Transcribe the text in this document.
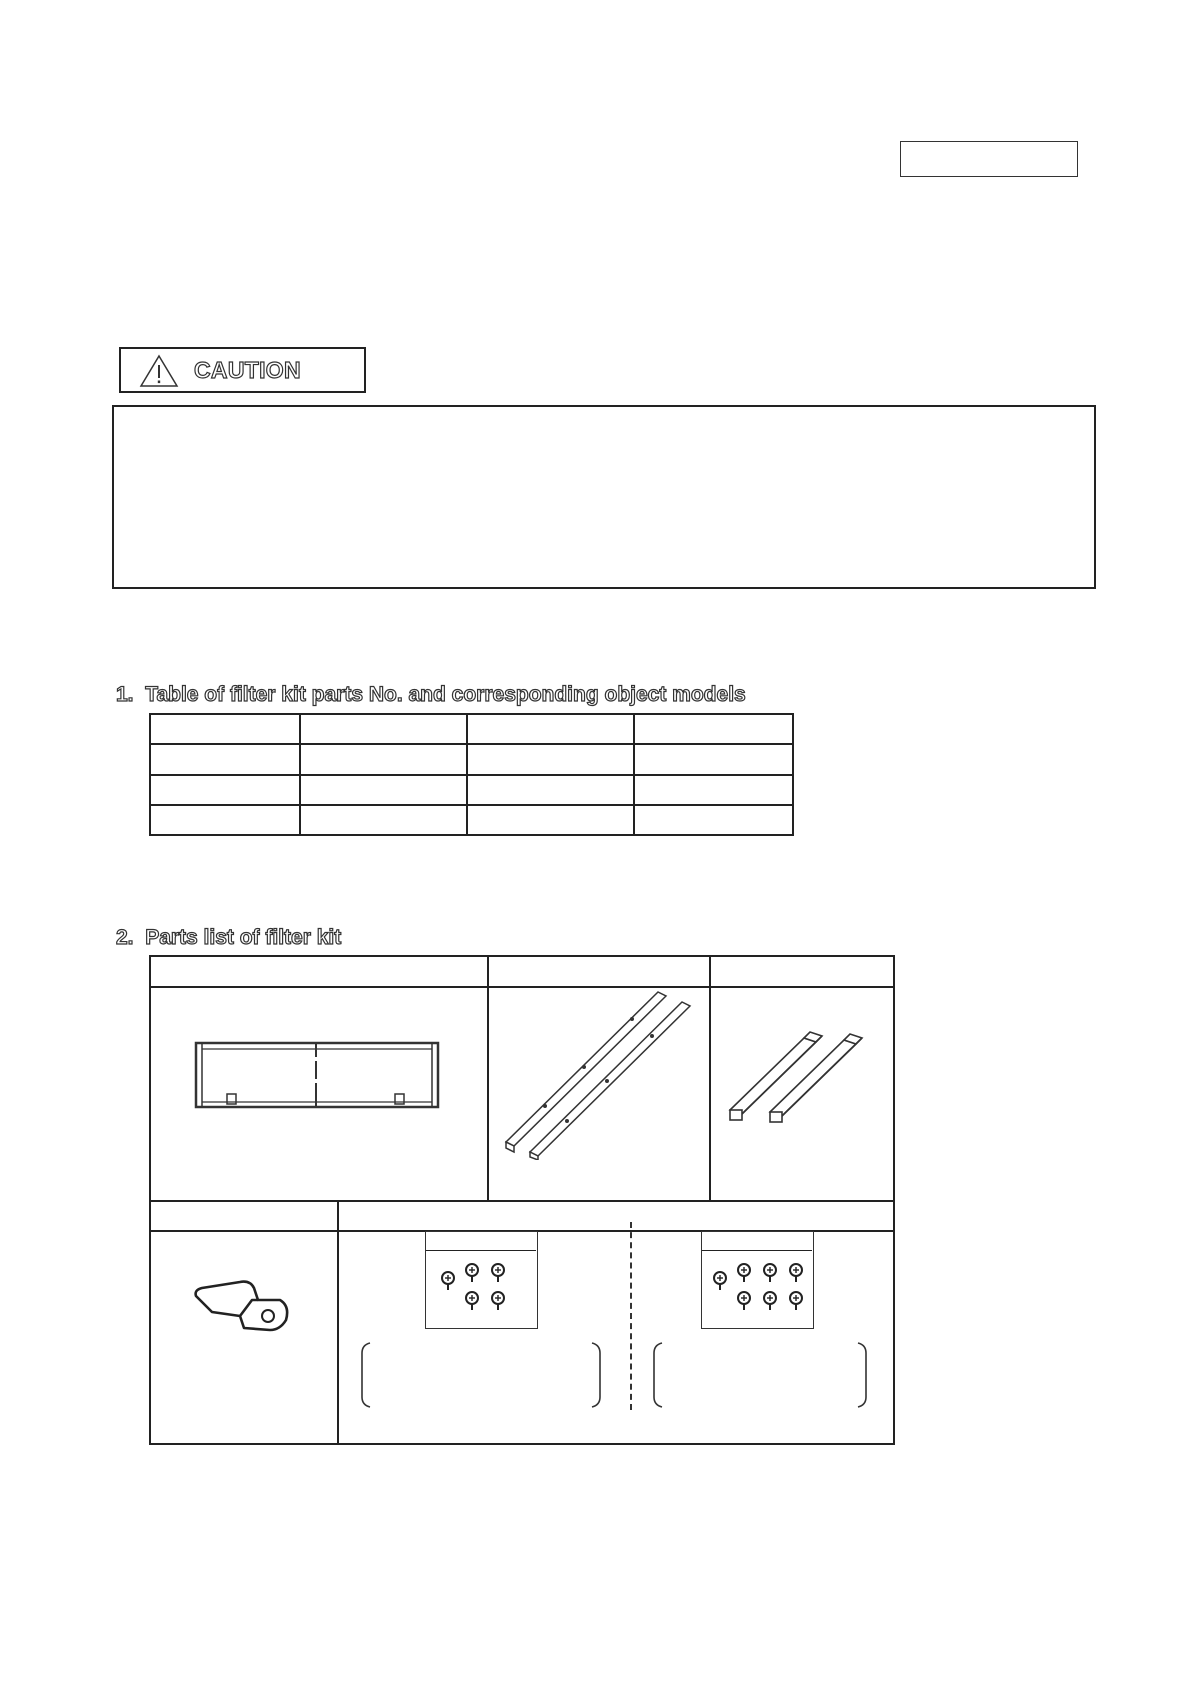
CAUTION
1. Table of filter kit parts No. and corresponding object models

2. Parts list of filter kit
